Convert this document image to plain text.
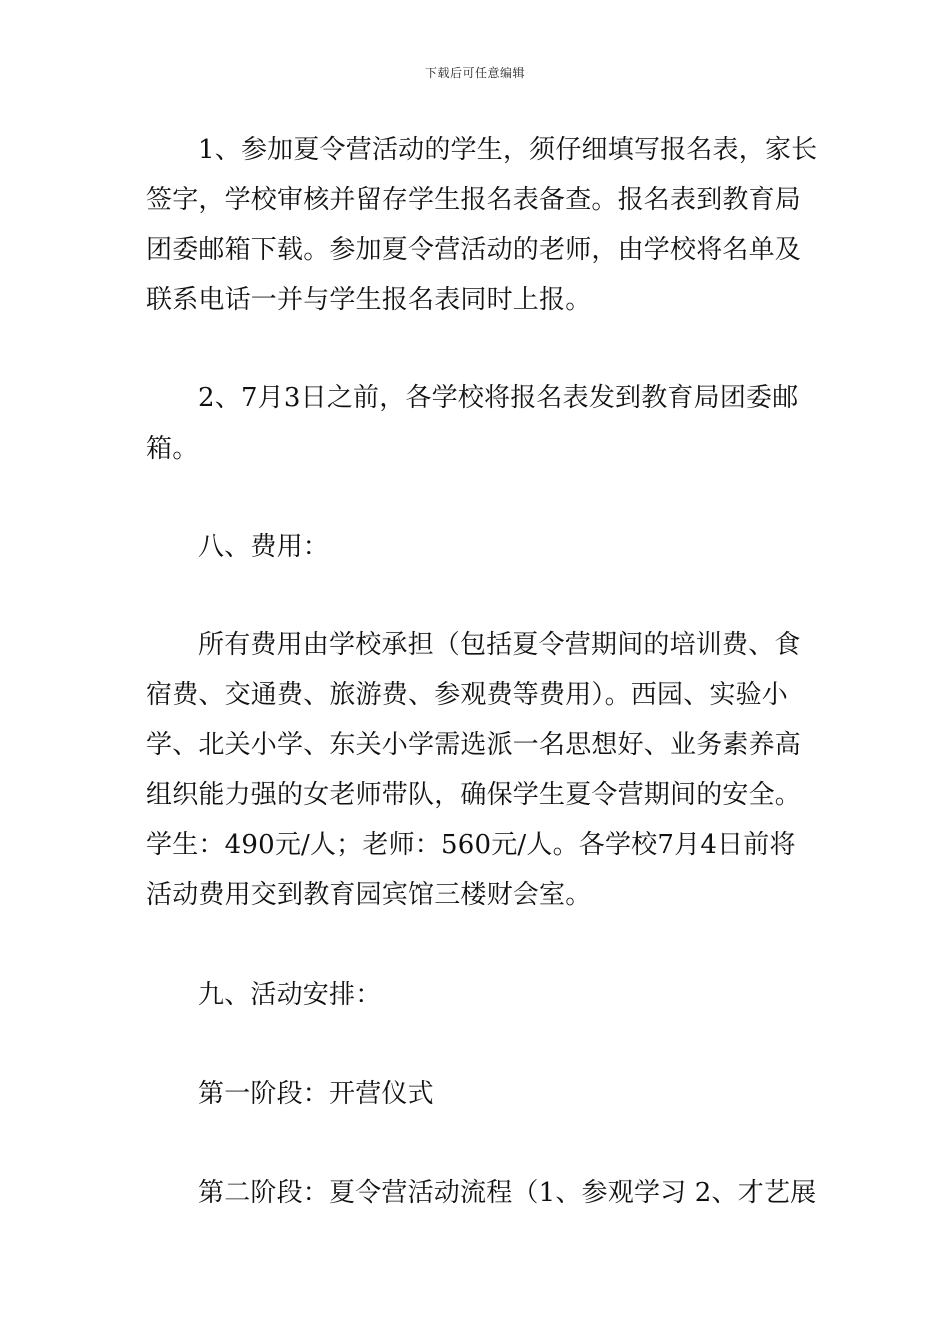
下载后可任意编辑
1、参加夏令营活动的学生，须仔细填写报名表，家长
签字，学校审核并留存学生报名表备查。报名表到教育局
团委邮箱下载。参加夏令营活动的老师，由学校将名单及
联系电话一并与学生报名表同时上报。
2、7月3日之前，各学校将报名表发到教育局团委邮
箱。
八、费用：
所有费用由学校承担（包括夏令营期间的培训费、食
宿费、交通费、旅游费、参观费等费用）。西园、实验小
学、北关小学、东关小学需选派一名思想好、业务素养高
组织能力强的女老师带队，确保学生夏令营期间的安全。
学生：490元/人；老师：560元/人。各学校7月4日前将
活动费用交到教育园宾馆三楼财会室。
九、活动安排：
第一阶段：开营仪式
第二阶段：夏令营活动流程（1、参观学习 2、才艺展
